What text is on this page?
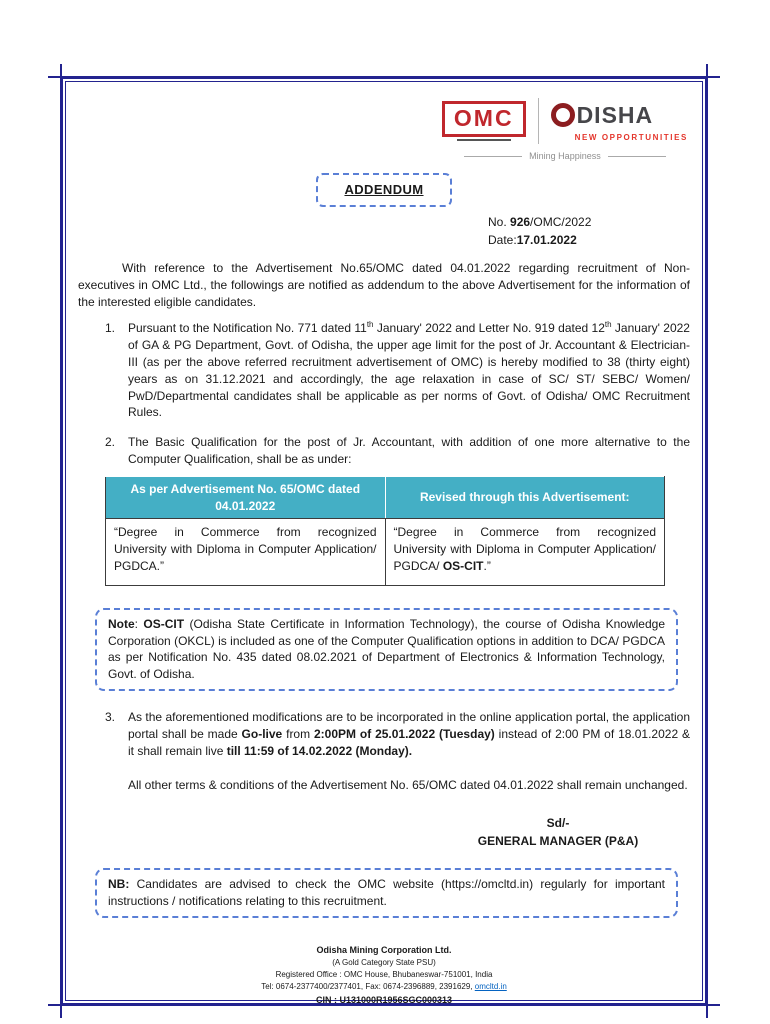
OMC	DISHA
NEW OPPORTUNITIES
Mining Happiness
ADDENDUM
No. 926/OMC/2022
Date:17.01.2022
With reference to the Advertisement No.65/OMC dated 04.01.2022 regarding recruitment of Non-executives in OMC Ltd., the followings are notified as addendum to the above Advertisement for the information of the interested eligible candidates.
1. Pursuant to the Notification No. 771 dated 11th January' 2022 and Letter No. 919 dated 12th January' 2022 of GA & PG Department, Govt. of Odisha, the upper age limit for the post of Jr. Accountant & Electrician-III (as per the above referred recruitment advertisement of OMC) is hereby modified to 38 (thirty eight) years as on 31.12.2021 and accordingly, the age relaxation in case of SC/ ST/ SEBC/ Women/ PwD/Departmental candidates shall be applicable as per norms of Govt. of Odisha/ OMC Recruitment Rules.
2. The Basic Qualification for the post of Jr. Accountant, with addition of one more alternative to the Computer Qualification, shall be as under:
As per Advertisement No. 65/OMC dated 04.01.2022	Revised through this Advertisement:
“Degree in Commerce from recognized University with Diploma in Computer Application/ PGDCA.”	“Degree in Commerce from recognized University with Diploma in Computer Application/ PGDCA/ OS-CIT.”
Note: OS-CIT (Odisha State Certificate in Information Technology), the course of Odisha Knowledge Corporation (OKCL) is included as one of the Computer Qualification options in addition to DCA/ PGDCA as per Notification No. 435 dated 08.02.2021 of Department of Electronics & Information Technology, Govt. of Odisha.
3. As the aforementioned modifications are to be incorporated in the online application portal, the application portal shall be made Go-live from 2:00PM of 25.01.2022 (Tuesday) instead of 2:00 PM of 18.01.2022 & it shall remain live till 11:59 of 14.02.2022 (Monday).
All other terms & conditions of the Advertisement No. 65/OMC dated 04.01.2022 shall remain unchanged.
Sd/-
GENERAL MANAGER (P&A)
NB: Candidates are advised to check the OMC website (https://omcltd.in) regularly for important instructions / notifications relating to this recruitment.
Odisha Mining Corporation Ltd.
(A Gold Category State PSU)
Registered Office : OMC House, Bhubaneswar-751001, India
Tel: 0674-2377400/2377401, Fax: 0674-2396889, 2391629, omcltd.in
CIN : U131000R1956SGC000313
